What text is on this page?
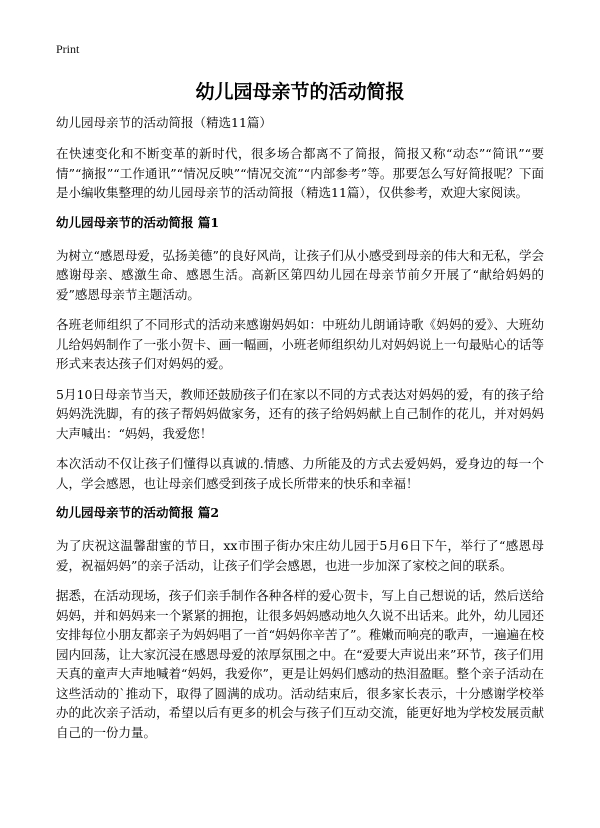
Print
幼儿园母亲节的活动简报
幼儿园母亲节的活动简报（精选11篇）

在快速变化和不断变革的新时代，很多场合都离不了简报，简报又称“动态”“简讯”“要情”“摘报”“工作通讯”“情况反映”“情况交流”“内部参考”等。那要怎么写好简报呢？下面是小编收集整理的幼儿园母亲节的活动简报（精选11篇），仅供参考，欢迎大家阅读。

幼儿园母亲节的活动简报 篇1

为树立“感恩母爱，弘扬美德”的良好风尚，让孩子们从小感受到母亲的伟大和无私，学会感谢母亲、感激生命、感恩生活。高新区第四幼儿园在母亲节前夕开展了“献给妈妈的爱”感恩母亲节主题活动。

各班老师组织了不同形式的活动来感谢妈妈如：中班幼儿朗诵诗歌《妈妈的爱》、大班幼儿给妈妈制作了一张小贺卡、画一幅画，小班老师组织幼儿对妈妈说上一句最贴心的话等形式来表达孩子们对妈妈的爱。

5月10日母亲节当天，教师还鼓励孩子们在家以不同的方式表达对妈妈的爱，有的孩子给妈妈洗洗脚，有的孩子帮妈妈做家务，还有的孩子给妈妈献上自己制作的花儿，并对妈妈大声喊出：“妈妈，我爱您！

本次活动不仅让孩子们懂得以真诚的.情感、力所能及的方式去爱妈妈，爱身边的每一个人，学会感恩，也让母亲们感受到孩子成长所带来的快乐和幸福！

幼儿园母亲节的活动简报 篇2

为了庆祝这温馨甜蜜的节日，xx市围子街办宋庄幼儿园于5月6日下午，举行了“感恩母爱，祝福妈妈”的亲子活动，让孩子们学会感恩，也进一步加深了家校之间的联系。

据悉，在活动现场，孩子们亲手制作各种各样的爱心贺卡，写上自己想说的话，然后送给妈妈，并和妈妈来一个紧紧的拥抱，让很多妈妈感动地久久说不出话来。此外，幼儿园还安排每位小朋友都亲子为妈妈唱了一首“妈妈你辛苦了”。稚嫩而响亮的歌声，一遍遍在校园内回荡，让大家沉浸在感恩母爱的浓厚氛围之中。在“爱要大声说出来”环节，孩子们用天真的童声大声地喊着“妈妈，我爱你”，更是让妈妈们感动的热泪盈眶。整个亲子活动在这些活动的`推动下，取得了圆满的成功。活动结束后，很多家长表示，十分感谢学校举办的此次亲子活动，希望以后有更多的机会与孩子们互动交流，能更好地为学校发展贡献自己的一份力量。
